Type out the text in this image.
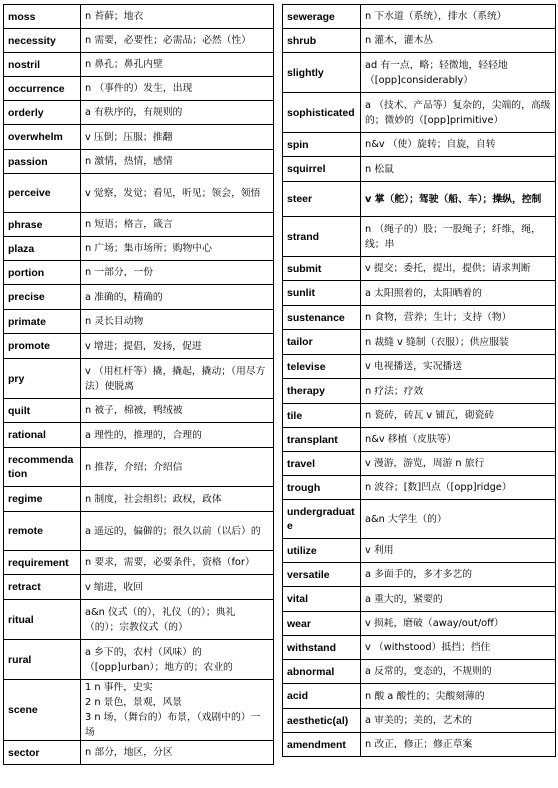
moss	n 苔藓；地衣
necessity	n 需要，必要性；必需品；必然（性）
nostril	n 鼻孔；鼻孔内壁
occurrence	n （事件的）发生，出现
orderly	a 有秩序的，有规则的
overwhelm	v 压倒；压服；推翻
passion	n 激情，热情，感情
perceive	v 觉察，发觉；看见，听见；领会，领悟
phrase	n 短语；格言，箴言
plaza	n 广场；集市场所；购物中心
portion	n 一部分，一份
precise	a 准确的，精确的
primate	n 灵长目动物
promote	v 增进；提倡，发扬，促进
pry	v （用杠杆等）撬，撬起，撬动；（用尽方法）使脱离
quilt	n 被子，棉被，鸭绒被
rational	a 理性的，推理的，合理的
recommendation	n 推荐，介绍；介绍信
regime	n 制度，社会组织；政权，政体
remote	a 遥远的，偏僻的；很久以前（以后）的
requirement	n 要求，需要，必要条件，资格（for）
retract	v 缩进，收回
ritual	a&n 仪式（的），礼仪（的）；典礼（的）；宗教仪式（的）
rural	a 乡下的，农村（风味）的（[opp]urban）；地方的；农业的
scene	1 n 事件，史实
2 n 景色，景观，风景
3 n 场，（舞台的）布景，（戏剧中的）一场
sector	n 部分，地区，分区
sewerage	n 下水道（系统），排水（系统）
shrub	n 灌木，灌木丛
slightly	ad 有一点，略；轻微地，轻轻地（[opp]considerably）
sophisticated	a （技术、产品等）复杂的，尖端的，高级的；微妙的（[opp]primitive）
spin	n&v （使）旋转；自旋，自转
squirrel	n 松鼠
steer	v 掌（舵）；驾驶（船、车）；操纵，控制
strand	n （绳子的）股；一股绳子；纤维，绳，线；串
submit	v 提交；委托，提出，提供；请求判断
sunlit	a 太阳照着的，太阳晒着的
sustenance	n 食物，营养；生计；支持（物）
tailor	n 裁缝 v 缝制（衣服）；供应服装
televise	v 电视播送，实况播送
therapy	n 疗法；疗效
tile	n 瓷砖，砖瓦 v 铺瓦，砌瓷砖
transplant	n&v 移植（皮肤等）
travel	v 漫游，游览，周游 n 旅行
trough	n 波谷；[数]凹点（[opp]ridge）
undergraduate	a&n 大学生（的）
utilize	v 利用
versatile	a 多面手的，多才多艺的
vital	a 重大的，紧要的
wear	v 损耗，磨破（away/out/off）
withstand	v （withstood）抵挡；挡住
abnormal	a 反常的，变态的，不规则的
acid	n 酸 a 酸性的；尖酸刻薄的
aesthetic(al)	a 审美的；美的，艺术的
amendment	n 改正，修正；修正草案
